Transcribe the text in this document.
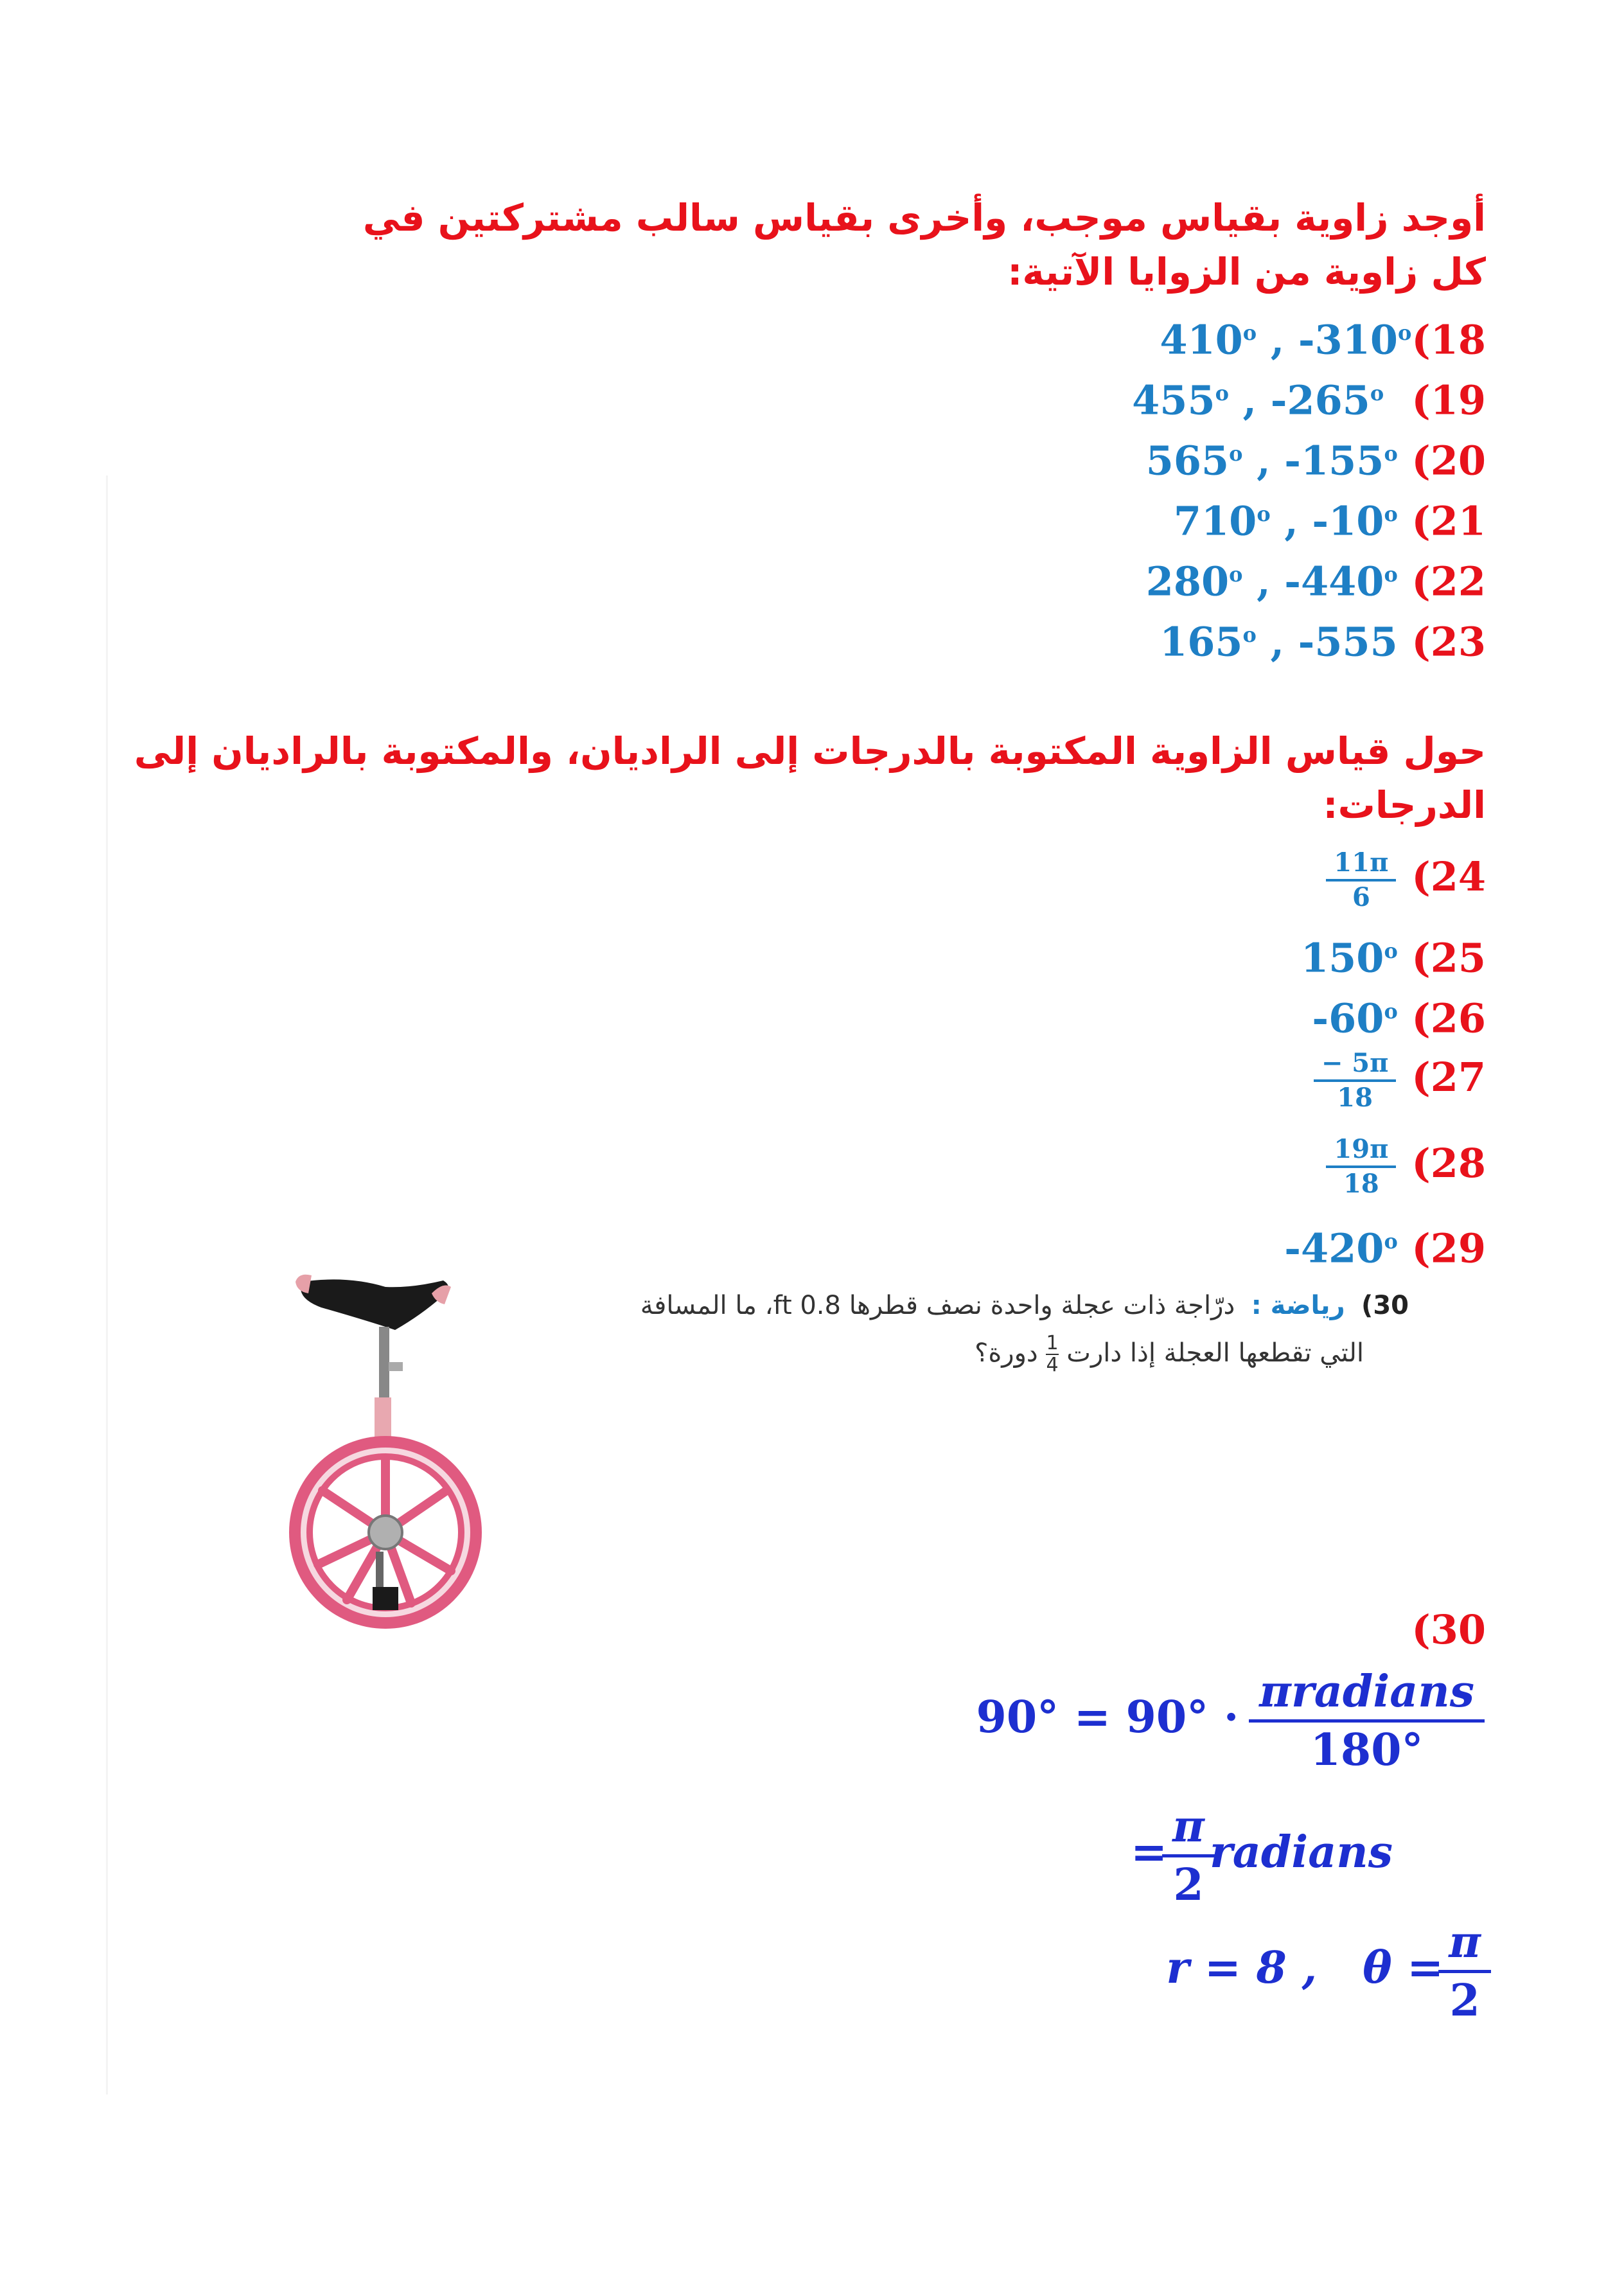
أوجد زاوية بقياس موجب، وأخرى بقياس سالب مشتركتين في
كل زاوية من الزوايا الآتية:
410$^o$ , -310$^o$(18
455$^o$ , -265$^o$ (19
565$^o$ , -155$^o$ (20
710$^o$ , -10$^o$ (21
280$^o$ , -440$^o$ (22
165$^o$ , -555 (23
حول قياس الزاوية المكتوبة بالدرجات إلى الراديان، والمكتوبة بالراديان إلى
الدرجات:
$\frac{11\pi}{6} (24$
150$^o$ (25
-60$^o$ (26
$\frac{- 5\pi}{18} (27$
$\frac{19\pi}{18} (28$
-420$^o$ (29
30)  رياضة :  درّاجة ذات عجلة واحدة نصف قطرها 0.8 ft، ما المسافة
التي تقطعها العجلة إذا دارت
$\frac{1}{4}$
دورة؟
(30
90° = 90° · πradians
180°
= π
2
radians
r = 8 , θ = π
2
